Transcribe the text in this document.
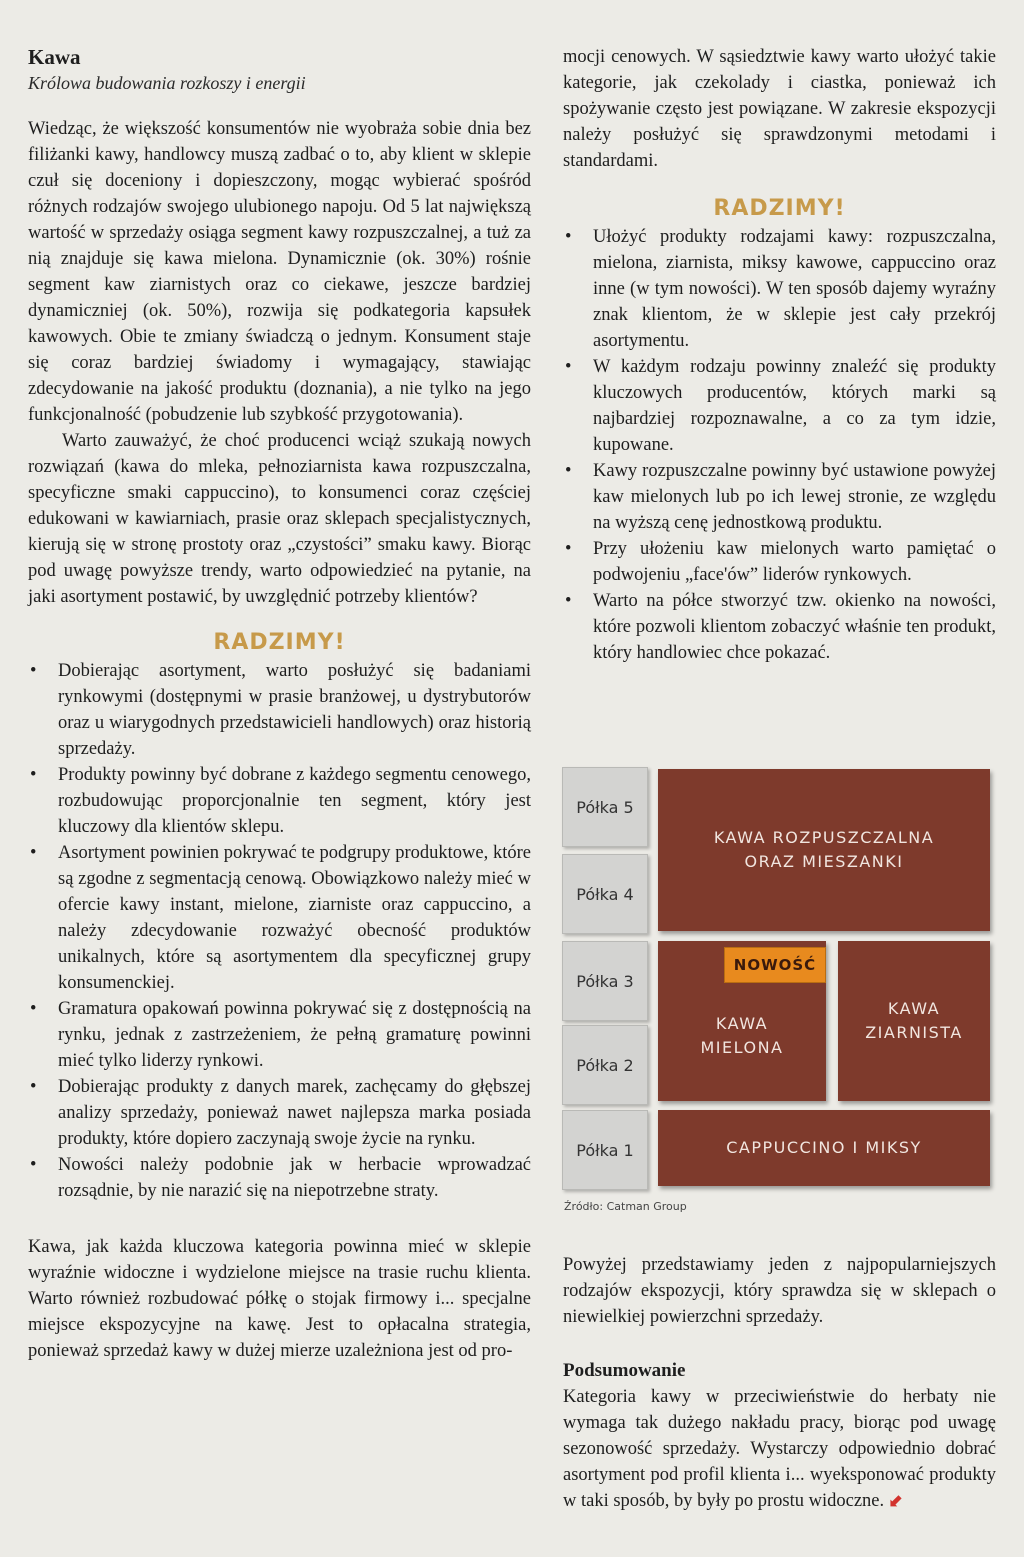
Kawa
Królowa budowania rozkoszy i energii

Wiedząc, że większość konsumentów nie wyobraża sobie dnia bez filiżanki kawy, handlowcy muszą zadbać o to, aby klient w sklepie czuł się doceniony i dopieszczony, mogąc wybierać spośród różnych rodzajów swojego ulubionego napoju. Od 5 lat największą wartość w sprzedaży osiąga segment kawy rozpuszczalnej, a tuż za nią znajduje się kawa mielona. Dynamicznie (ok. 30%) rośnie segment kaw ziarnistych oraz co ciekawe, jeszcze bardziej dynamiczniej (ok. 50%), rozwija się podkategoria kapsułek kawowych. Obie te zmiany świadczą o jednym. Konsument staje się coraz bardziej świadomy i wymagający, stawiając zdecydowanie na jakość produktu (doznania), a nie tylko na jego funkcjonalność (pobudzenie lub szybkość przygotowania).

Warto zauważyć, że choć producenci wciąż szukają nowych rozwiązań (kawa do mleka, pełnoziarnista kawa rozpuszczalna, specyficzne smaki cappuccino), to konsumenci coraz częściej edukowani w kawiarniach, prasie oraz sklepach specjalistycznych, kierują się w stronę prostoty oraz „czystości” smaku kawy. Biorąc pod uwagę powyższe trendy, warto odpowiedzieć na pytanie, na jaki asortyment postawić, by uwzględnić potrzeby klientów?

RADZIMY!
• Dobierając asortyment, warto posłużyć się badaniami rynkowymi (dostępnymi w prasie branżowej, u dystrybutorów oraz u wiarygodnych przedstawicieli handlowych) oraz historią sprzedaży.
• Produkty powinny być dobrane z każdego segmentu cenowego, rozbudowując proporcjonalnie ten segment, który jest kluczowy dla klientów sklepu.
• Asortyment powinien pokrywać te podgrupy produktowe, które są zgodne z segmentacją cenową. Obowiązkowo należy mieć w ofercie kawy instant, mielone, ziarniste oraz cappuccino, a należy zdecydowanie rozważyć obecność produktów unikalnych, które są asortymentem dla specyficznej grupy konsumenckiej.
• Gramatura opakowań powinna pokrywać się z dostępnością na rynku, jednak z zastrzeżeniem, że pełną gramaturę powinni mieć tylko liderzy rynkowi.
• Dobierając produkty z danych marek, zachęcamy do głębszej analizy sprzedaży, ponieważ nawet najlepsza marka posiada produkty, które dopiero zaczynają swoje życie na rynku.
• Nowości należy podobnie jak w herbacie wprowadzać rozsądnie, by nie narazić się na niepotrzebne straty.

Kawa, jak każda kluczowa kategoria powinna mieć w sklepie wyraźnie widoczne i wydzielone miejsce na trasie ruchu klienta. Warto również rozbudować półkę o stojak firmowy i... specjalne miejsce ekspozycyjne na kawę. Jest to opłacalna strategia, ponieważ sprzedaż kawy w dużej mierze uzależniona jest od pro-

mocji cenowych. W sąsiedztwie kawy warto ułożyć takie kategorie, jak czekolady i ciastka, ponieważ ich spożywanie często jest powiązane. W zakresie ekspozycji należy posłużyć się sprawdzonymi metodami i standardami.

RADZIMY!
• Ułożyć produkty rodzajami kawy: rozpuszczalna, mielona, ziarnista, miksy kawowe, cappuccino oraz inne (w tym nowości). W ten sposób dajemy wyraźny znak klientom, że w sklepie jest cały przekrój asortymentu.
• W każdym rodzaju powinny znaleźć się produkty kluczowych producentów, których marki są najbardziej rozpoznawalne, a co za tym idzie, kupowane.
• Kawy rozpuszczalne powinny być ustawione powyżej kaw mielonych lub po ich lewej stronie, ze względu na wyższą cenę jednostkową produktu.
• Przy ułożeniu kaw mielonych warto pamiętać o podwojeniu „face'ów” liderów rynkowych.
• Warto na półce stworzyć tzw. okienko na nowości, które pozwoli klientom zobaczyć właśnie ten produkt, który handlowiec chce pokazać.
Półka 5
Półka 4
Półka 3
Półka 2
Półka 1
KAWA ROZPUSZCZALNA
ORAZ MIESZANKI
KAWA
MIELONA
NOWOŚĆ
KAWA
ZIARNISTA
CAPPUCCINO I MIKSY
Źródło: Catman Group

Powyżej przedstawiamy jeden z najpopularniejszych rodzajów ekspozycji, który sprawdza się w sklepach o niewielkiej powierzchni sprzedaży.

Podsumowanie

Kategoria kawy w przeciwieństwie do herbaty nie wymaga tak dużego nakładu pracy, biorąc pod uwagę sezonowość sprzedaży. Wystarczy odpowiednio dobrać asortyment pod profil klienta i... wyeksponować produkty w taki sposób, by były po prostu widoczne. ⬋
